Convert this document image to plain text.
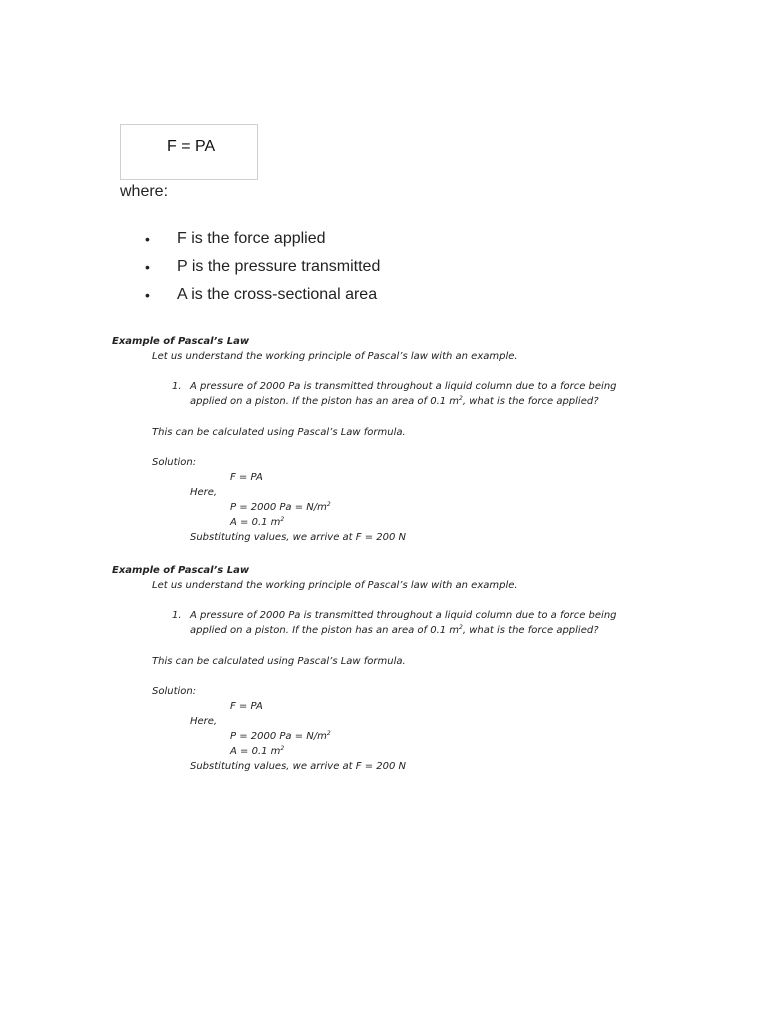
F = PA
where:
• F is the force applied
• P is the pressure transmitted
• A is the cross-sectional area
Example of Pascal’s Law
Let us understand the working principle of Pascal’s law with an example.
1. A pressure of 2000 Pa is transmitted throughout a liquid column due to a force being
applied on a piston. If the piston has an area of 0.1 $m^2$, what is the force applied?
This can be calculated using Pascal’s Law formula.
Solution:
F = PA
Here,
P = 2000 $Pa = N/m^2$
A = 0.1 $m^2$
Substituting values, we arrive at F = 200 N
Example of Pascal’s Law
Let us understand the working principle of Pascal’s law with an example.
1. A pressure of 2000 Pa is transmitted throughout a liquid column due to a force being
applied on a piston. If the piston has an area of 0.1 $m^2$, what is the force applied?
This can be calculated using Pascal’s Law formula.
Solution:
F = PA
Here,
P = 2000 $Pa = N/m^2$
A = 0.1 $m^2$
Substituting values, we arrive at F = 200 N
